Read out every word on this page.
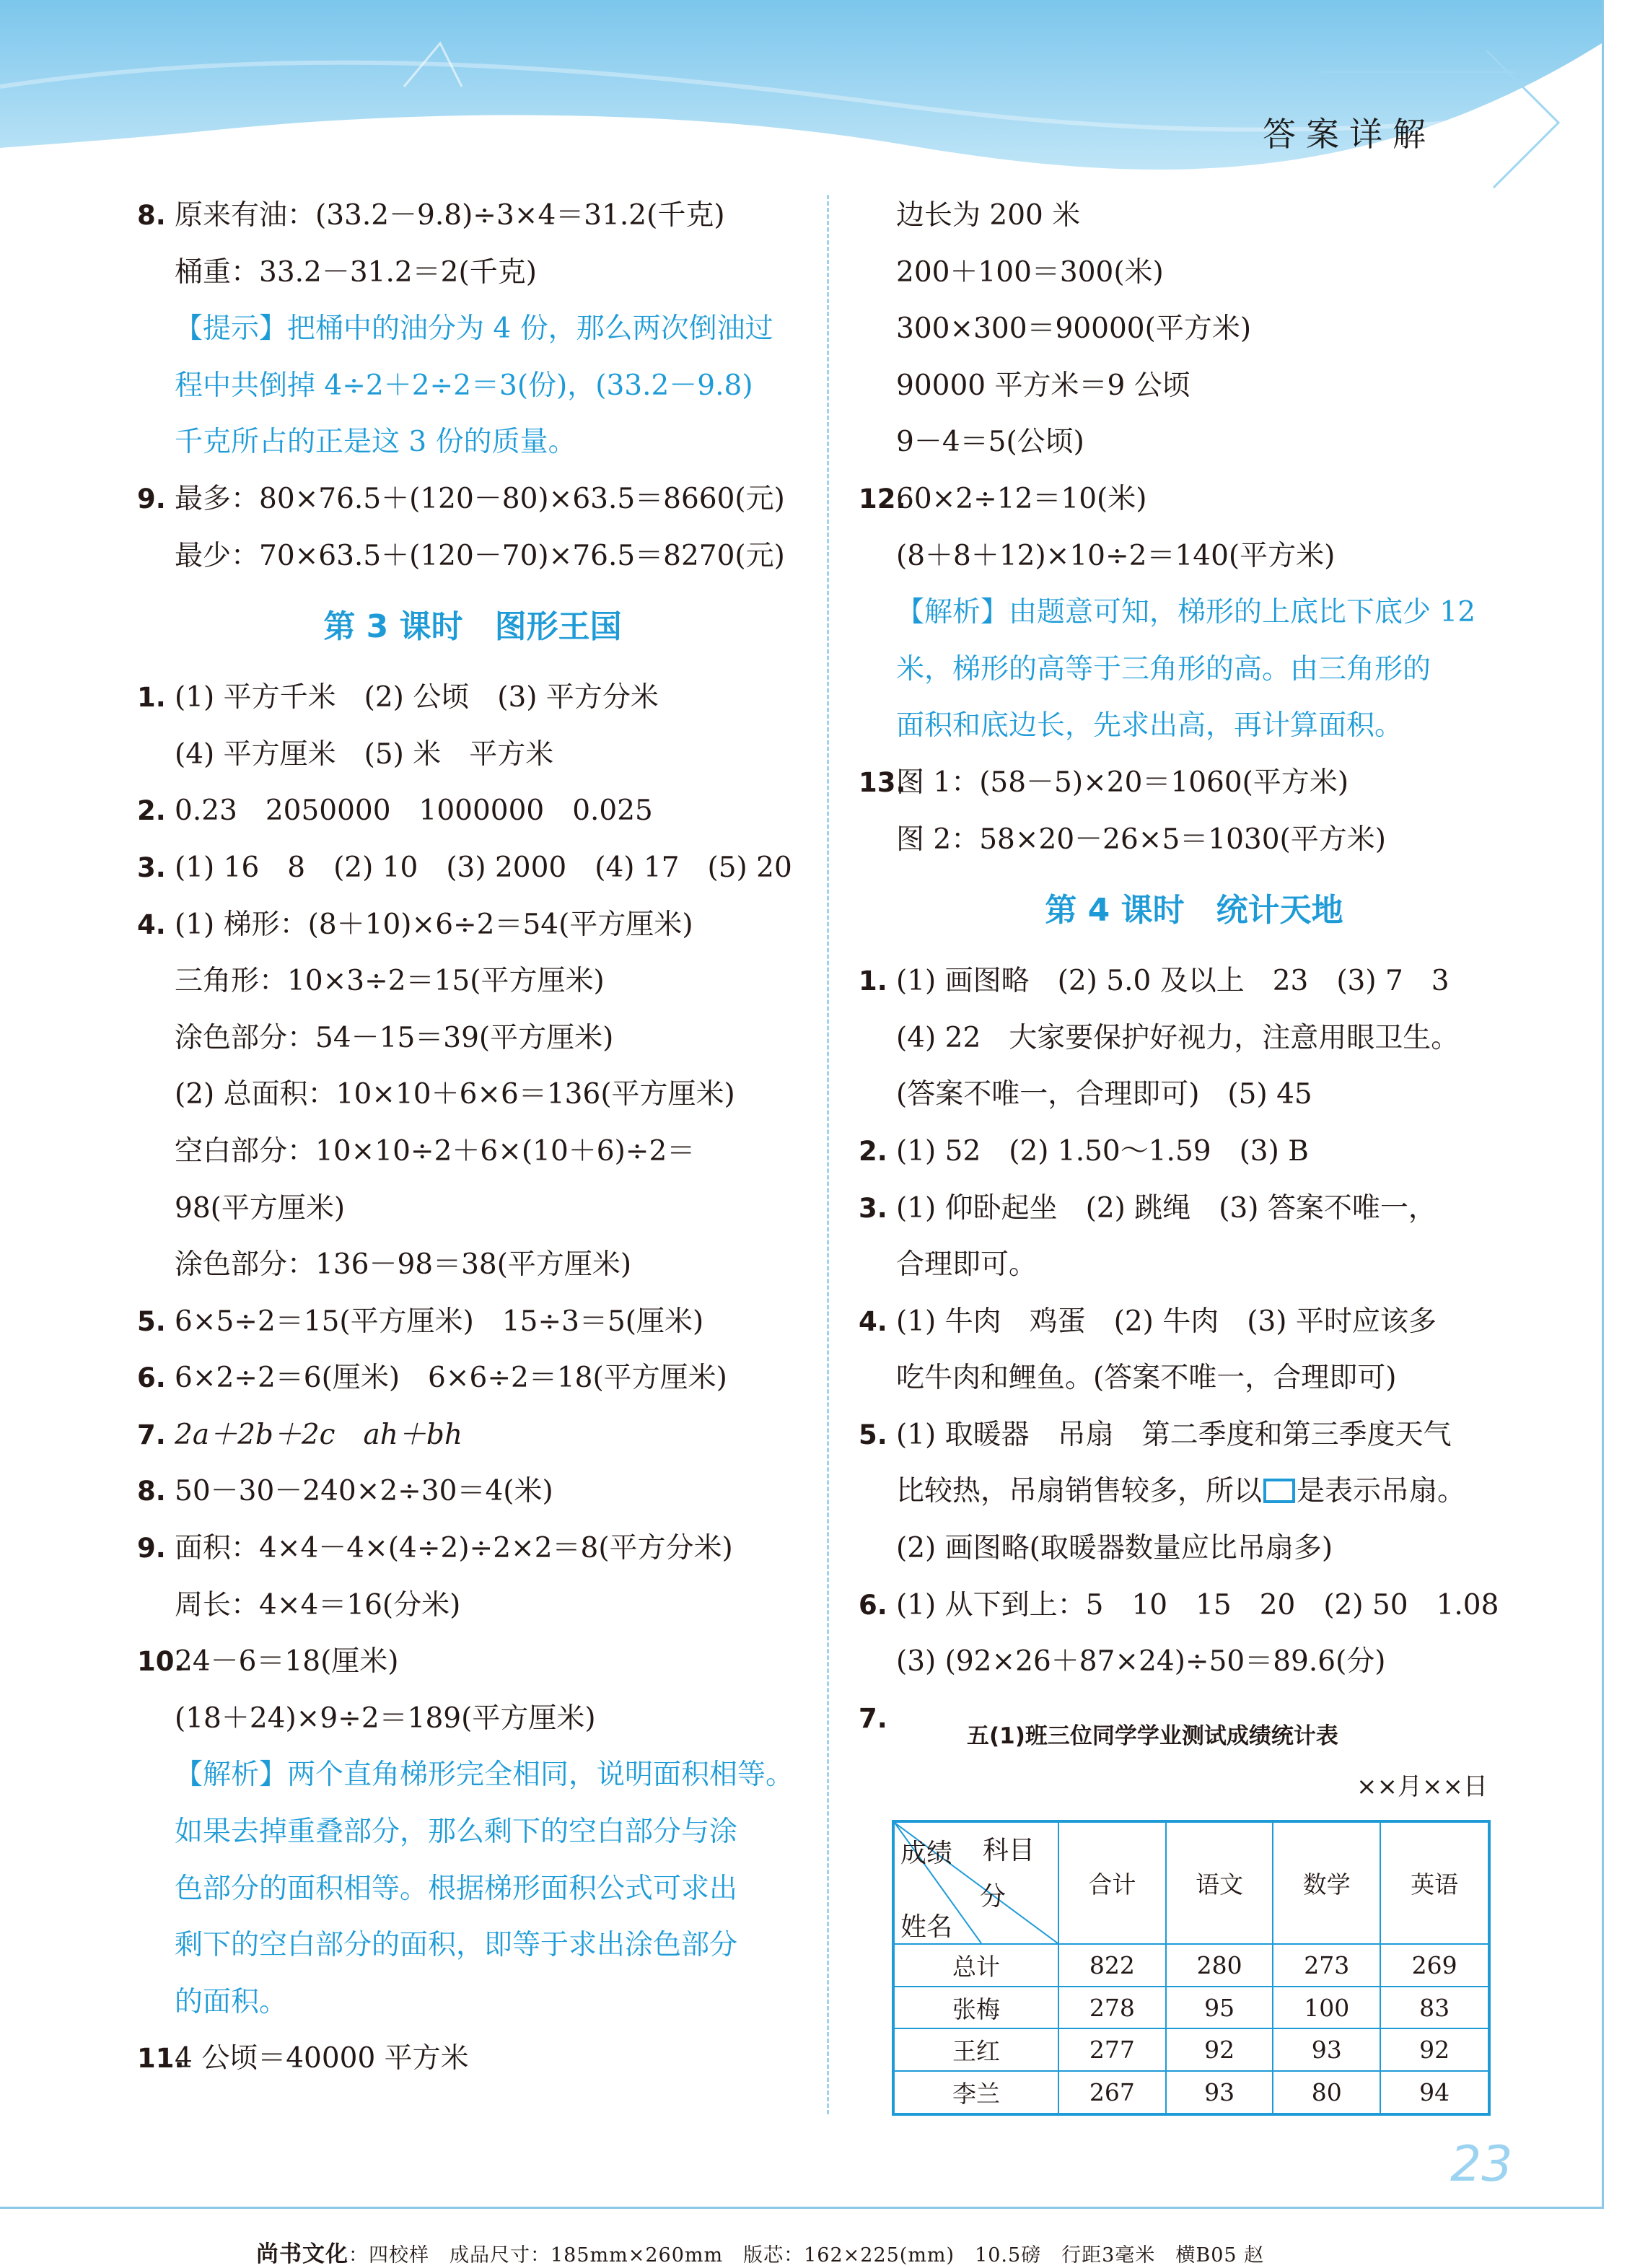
答案详解
8. 原来有油：(33.2－9.8)÷3×4＝31.2(千克)
桶重：33.2－31.2＝2(千克)
【提示】把桶中的油分为 4 份，那么两次倒油过
程中共倒掉 4÷2＋2÷2＝3(份)，(33.2－9.8)
千克所占的正是这 3 份的质量。
9. 最多：80×76.5＋(120－80)×63.5＝8660(元)
最少：70×63.5＋(120－70)×76.5＝8270(元)
第 3 课时　图形王国
1. (1) 平方千米　(2) 公顷　(3) 平方分米
(4) 平方厘米　(5) 米　平方米
2. 0.23　2050000　1000000　0.025
3. (1) 16　8　(2) 10　(3) 2000　(4) 17　(5) 20
4. (1) 梯形：(8＋10)×6÷2＝54(平方厘米)
三角形：10×3÷2＝15(平方厘米)
涂色部分：54－15＝39(平方厘米)
(2) 总面积：10×10＋6×6＝136(平方厘米)
空白部分：10×10÷2＋6×(10＋6)÷2＝
98(平方厘米)
涂色部分：136－98＝38(平方厘米)
5. 6×5÷2＝15(平方厘米)　15÷3＝5(厘米)
6. 6×2÷2＝6(厘米)　6×6÷2＝18(平方厘米)
7. 2a＋2b＋2c　ah＋bh
8. 50－30－240×2÷30＝4(米)
9. 面积：4×4－4×(4÷2)÷2×2＝8(平方分米)
周长：4×4＝16(分米)
10.
24－6＝18(厘米)
(18＋24)×9÷2＝189(平方厘米)
【解析】两个直角梯形完全相同，说明面积相等。
如果去掉重叠部分，那么剩下的空白部分与涂
色部分的面积相等。根据梯形面积公式可求出
剩下的空白部分的面积，即等于求出涂色部分
的面积。
11.
4 公顷＝40000 平方米
边长为 200 米
200＋100＝300(米)
300×300＝90000(平方米)
90000 平方米＝9 公顷
9－4＝5(公顷)
12.
60×2÷12＝10(米)
(8＋8＋12)×10÷2＝140(平方米)
【解析】由题意可知，梯形的上底比下底少 12
米，梯形的高等于三角形的高。由三角形的
面积和底边长，先求出高，再计算面积。
13.
图 1：(58－5)×20＝1060(平方米)
图 2：58×20－26×5＝1030(平方米)
第 4 课时　统计天地
1. (1) 画图略　(2) 5.0 及以上　23　(3) 7　3
(4) 22　大家要保护好视力，注意用眼卫生。
(答案不唯一，合理即可)　(5) 45
2. (1) 52　(2) 1.50～1.59　(3) B
3. (1) 仰卧起坐　(2) 跳绳　(3) 答案不唯一，
合理即可。
4. (1) 牛肉　鸡蛋　(2) 牛肉　(3) 平时应该多
吃牛肉和鲤鱼。(答案不唯一，合理即可)
5. (1) 取暖器　吊扇　第二季度和第三季度天气
比较热，吊扇销售较多，所以 是表示吊扇。
(2) 画图略(取暖器数量应比吊扇多)
6. (1) 从下到上：5　10　15　20　(2) 50　1.08
(3) (92×26＋87×24)÷50＝89.6(分)
7.
五(1)班三位同学学业测试成绩统计表
××月××日
科目
成绩
分
姓名	合计	语文	数学	英语
总计	822	280	273	269
张梅	278	95	100	83
王红	277	92	93	92
李兰	267	93	80	94
23
尚书文化：四校样　成品尺寸：185mm×260mm　版芯：162×225(mm)　10.5磅　行距3毫米　横B05 赵
